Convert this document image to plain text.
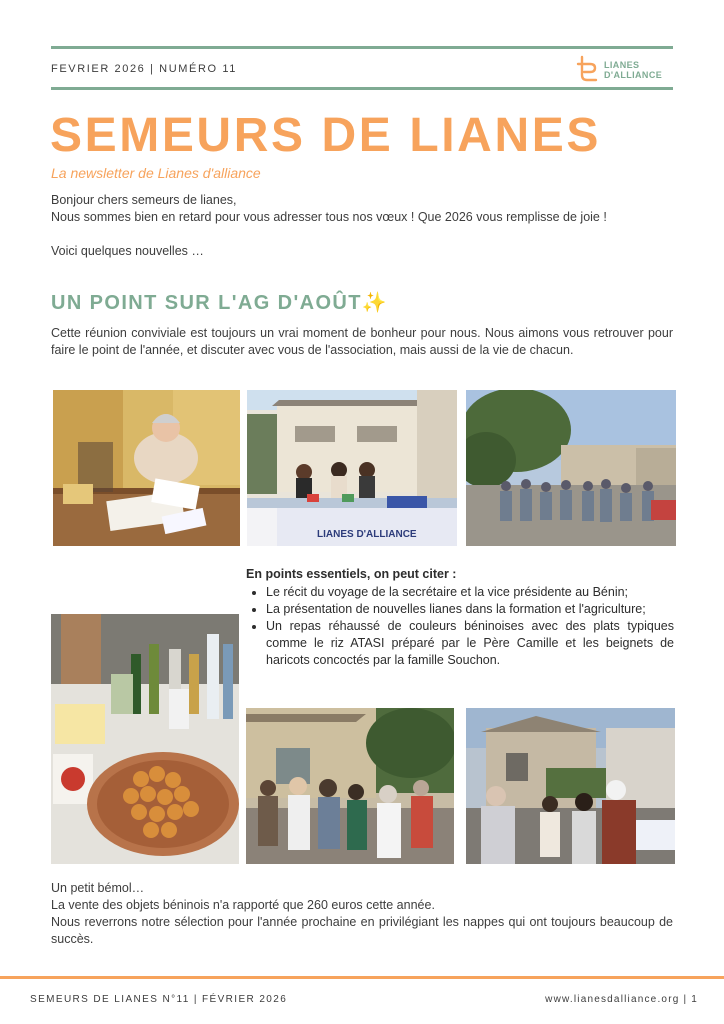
FEVRIER 2026 | NUMÉRO 11	LIANES
D'ALLIANCE
SEMEURS DE LIANES
La newsletter de Lianes d'alliance

Bonjour chers semeurs de lianes,

Nous sommes bien en retard pour vous adresser tous nos vœux ! Que 2026 vous remplisse de joie !

Voici quelques nouvelles …

UN POINT SUR L'AG D'AOÛT✨
Cette réunion conviviale est toujours un vrai moment de bonheur pour nous. Nous aimons vous retrouver pour faire le point de l'année, et discuter avec vous de l'association, mais aussi de la vie de chacun.
LIANES D'ALLIANCE

En points essentiels, on peut citer :

• Le récit du voyage de la secrétaire et la vice présidente au Bénin;
• La présentation de nouvelles lianes dans la formation et l'agriculture;
• Un repas réhaussé de couleurs béninoises avec des plats typiques comme le riz ATASI préparé par le Père Camille et les beignets de haricots concoctés par la famille Souchon.

Un petit bémol…

La vente des objets béninois n'a rapporté que 260 euros cette année.

Nous reverrons notre sélection pour l'année prochaine en privilégiant les nappes qui ont toujours beaucoup de succès.

SEMEURS DE LIANES N°11 | FÉVRIER 2026	www.lianesdalliance.org | 1
